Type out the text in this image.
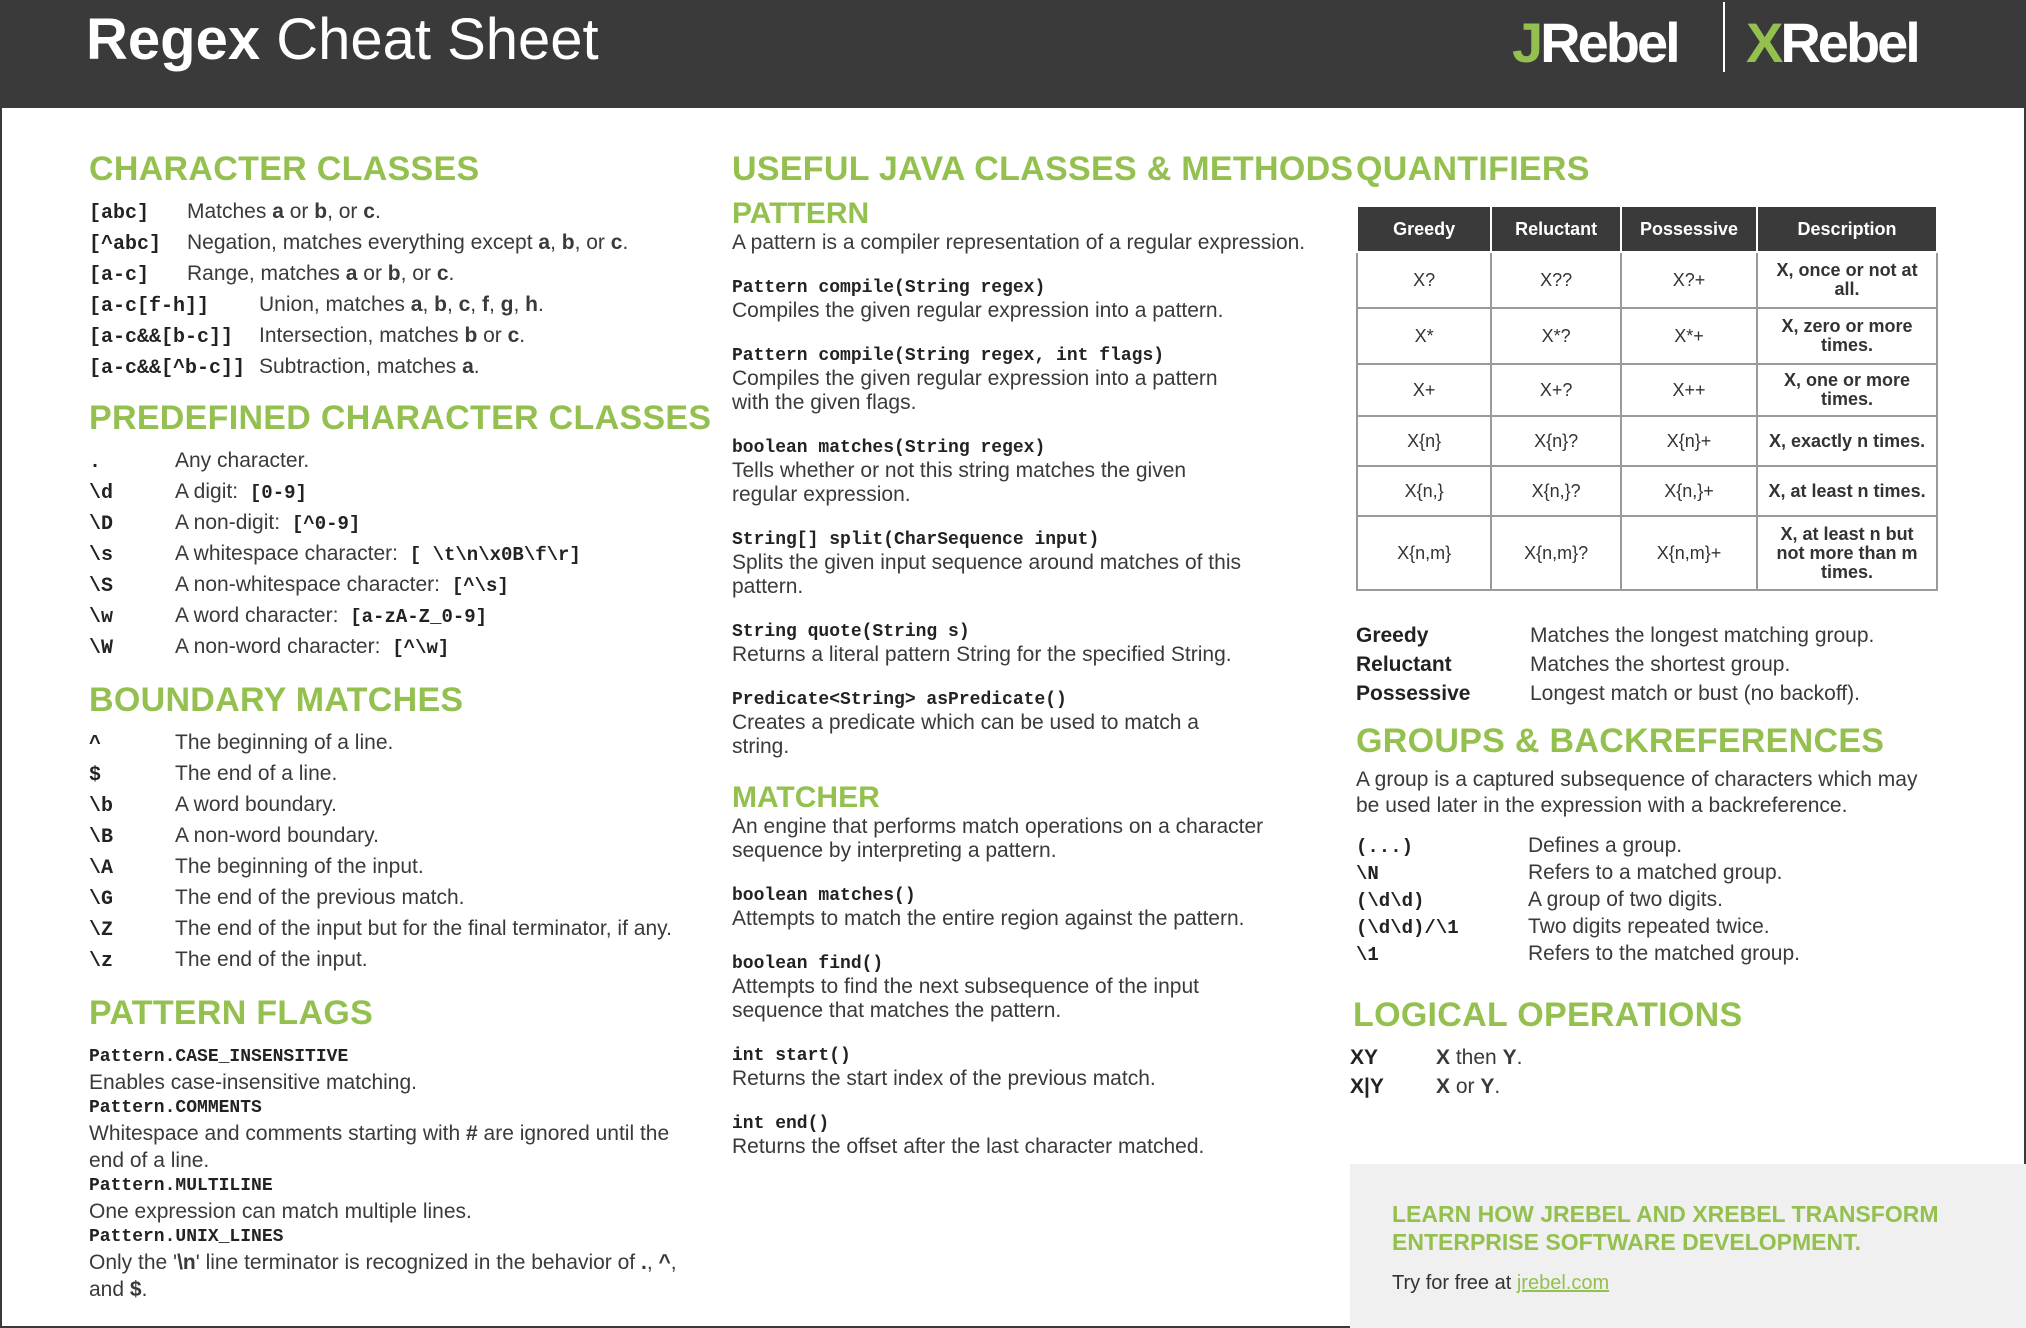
Regex Cheat Sheet	JRebel XRebel
CHARACTER CLASSES
[abc]	Matches a or b, or c.
[^abc]	Negation, matches everything except a, b, or c.
[a-c]	Range, matches a or b, or c.
[a-c[f-h]]	Union, matches a, b, c, f, g, h.
[a-c&&[b-c]]	Intersection, matches b or c.
[a-c&&[^b-c]] Subtraction, matches a.
PREDEFINED CHARACTER CLASSES
.	Any character.
\d	A digit: [0-9]
\D	A non-digit: [^0-9]
\s	A whitespace character: [ \t\n\x0B\f\r]
\S	A non-whitespace character: [^\s]
\w	A word character: [a-zA-Z_0-9]
\W	A non-word character: [^\w]
BOUNDARY MATCHES
^	The beginning of a line.
$	The end of a line.
\b	A word boundary.
\B	A non-word boundary.
\A	The beginning of the input.
\G	The end of the previous match.
\Z	The end of the input but for the final terminator, if any.
\z	The end of the input.
PATTERN FLAGS
Pattern.CASE_INSENSITIVE
Enables case-insensitive matching.
Pattern.COMMENTS
Whitespace and comments starting with # are ignored until the end of a line.
Pattern.MULTILINE
One expression can match multiple lines.
Pattern.UNIX_LINES
Only the '\n' line terminator is recognized in the behavior of ., ^, and $.
USEFUL JAVA CLASSES & METHODS
PATTERN
A pattern is a compiler representation of a regular expression.
Pattern compile(String regex)
Compiles the given regular expression into a pattern.
Pattern compile(String regex, int flags)
Compiles the given regular expression into a pattern with the given flags.
boolean matches(String regex)
Tells whether or not this string matches the given regular expression.
String[] split(CharSequence input)
Splits the given input sequence around matches of this pattern.
String quote(String s)
Returns a literal pattern String for the specified String.
Predicate<String> asPredicate()
Creates a predicate which can be used to match a string.
MATCHER
An engine that performs match operations on a character sequence by interpreting a pattern.
boolean matches()
Attempts to match the entire region against the pattern.
boolean find()
Attempts to find the next subsequence of the input sequence that matches the pattern.
int start()
Returns the start index of the previous match.
int end()
Returns the offset after the last character matched.
QUANTIFIERS
Greedy	Reluctant	Possessive	Description
X?	X??	X?+	X, once or not at all.
X*	X*?	X*+	X, zero or more times.
X+	X+?	X++	X, one or more times.
X{n}	X{n}?	X{n}+	X, exactly n times.
X{n,}	X{n,}?	X{n,}+	X, at least n times.
X{n,m}	X{n,m}?	X{n,m}+	X, at least n but not more than m times.
Greedy	Matches the longest matching group.
Reluctant	Matches the shortest group.
Possessive	Longest match or bust (no backoff).
GROUPS & BACKREFERENCES
A group is a captured subsequence of characters which may be used later in the expression with a backreference.
(...)	Defines a group.
\N	Refers to a matched group.
(\d\d)	A group of two digits.
(\d\d)/\1	Two digits repeated twice.
\1	Refers to the matched group.
LOGICAL OPERATIONS
XY	X then Y.
X|Y	X or Y.
LEARN HOW JREBEL AND XREBEL TRANSFORM ENTERPRISE SOFTWARE DEVELOPMENT.
Try for free at jrebel.com
